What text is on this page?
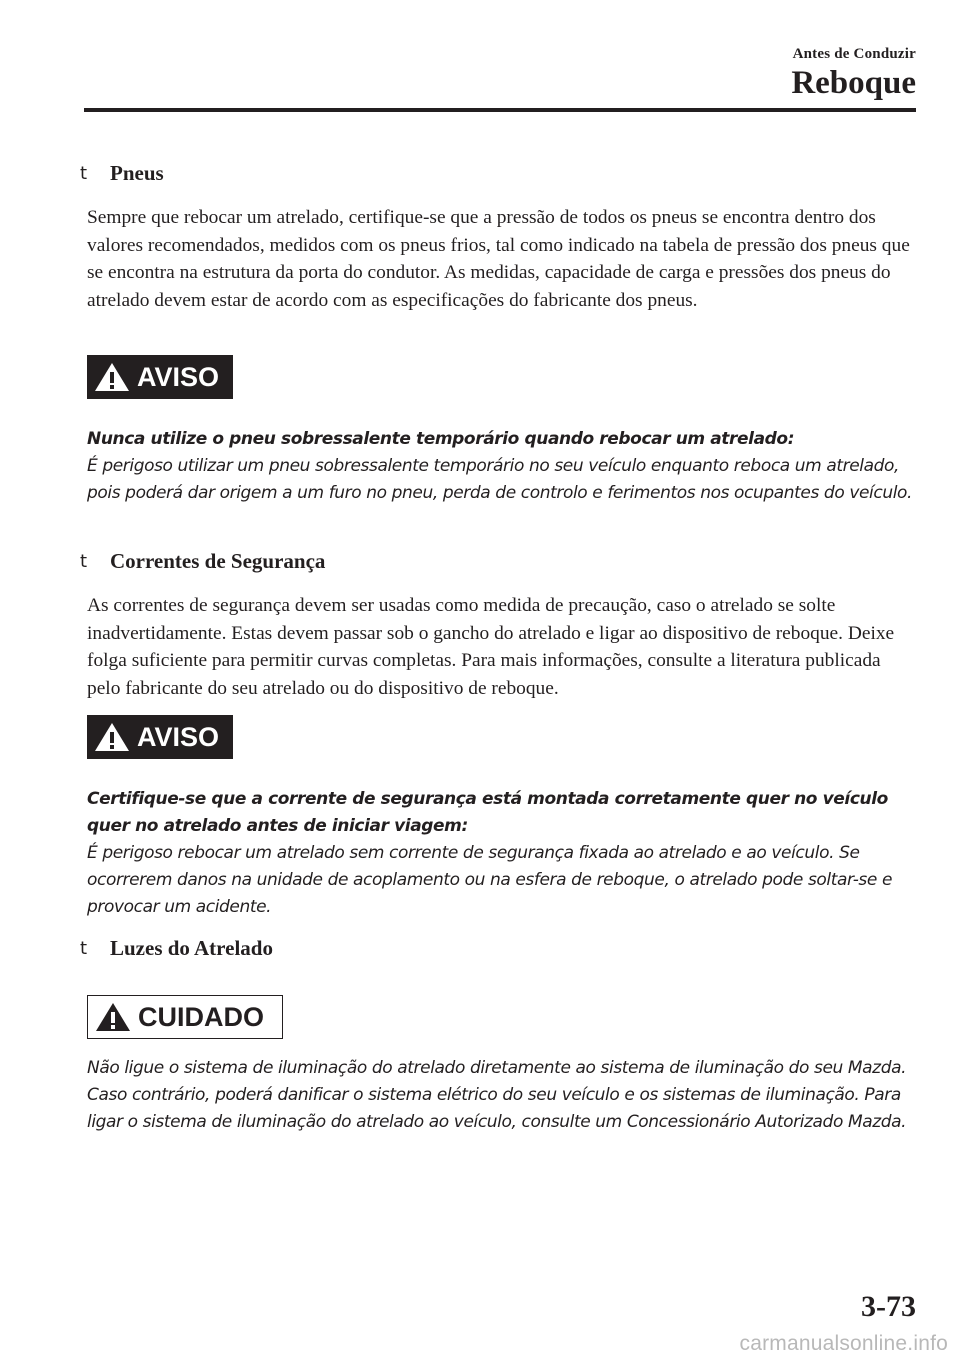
Antes de Conduzir
Reboque
t	Pneus
Sempre que rebocar um atrelado, certifique-se que a pressão de todos os pneus se encontra dentro dos valores recomendados, medidos com os pneus frios, tal como indicado na tabela de pressão dos pneus que se encontra na estrutura da porta do condutor. As medidas, capacidade de carga e pressões dos pneus do atrelado devem estar de acordo com as especificações do fabricante dos pneus.
AVISO
Nunca utilize o pneu sobressalente temporário quando rebocar um atrelado:
É perigoso utilizar um pneu sobressalente temporário no seu veículo enquanto reboca um atrelado, pois poderá dar origem a um furo no pneu, perda de controlo e ferimentos nos ocupantes do veículo.
t	Correntes de Segurança
As correntes de segurança devem ser usadas como medida de precaução, caso o atrelado se solte inadvertidamente. Estas devem passar sob o gancho do atrelado e ligar ao dispositivo de reboque. Deixe folga suficiente para permitir curvas completas. Para mais informações, consulte a literatura publicada pelo fabricante do seu atrelado ou do dispositivo de reboque.
AVISO
Certifique-se que a corrente de segurança está montada corretamente quer no veículo quer no atrelado antes de iniciar viagem:
É perigoso rebocar um atrelado sem corrente de segurança fixada ao atrelado e ao veículo. Se ocorrerem danos na unidade de acoplamento ou na esfera de reboque, o atrelado pode soltar-se e provocar um acidente.
t	Luzes do Atrelado
CUIDADO
Não ligue o sistema de iluminação do atrelado diretamente ao sistema de iluminação do seu Mazda. Caso contrário, poderá danificar o sistema elétrico do seu veículo e os sistemas de iluminação. Para ligar o sistema de iluminação do atrelado ao veículo, consulte um Concessionário Autorizado Mazda.
3-73
carmanualsonline.info
